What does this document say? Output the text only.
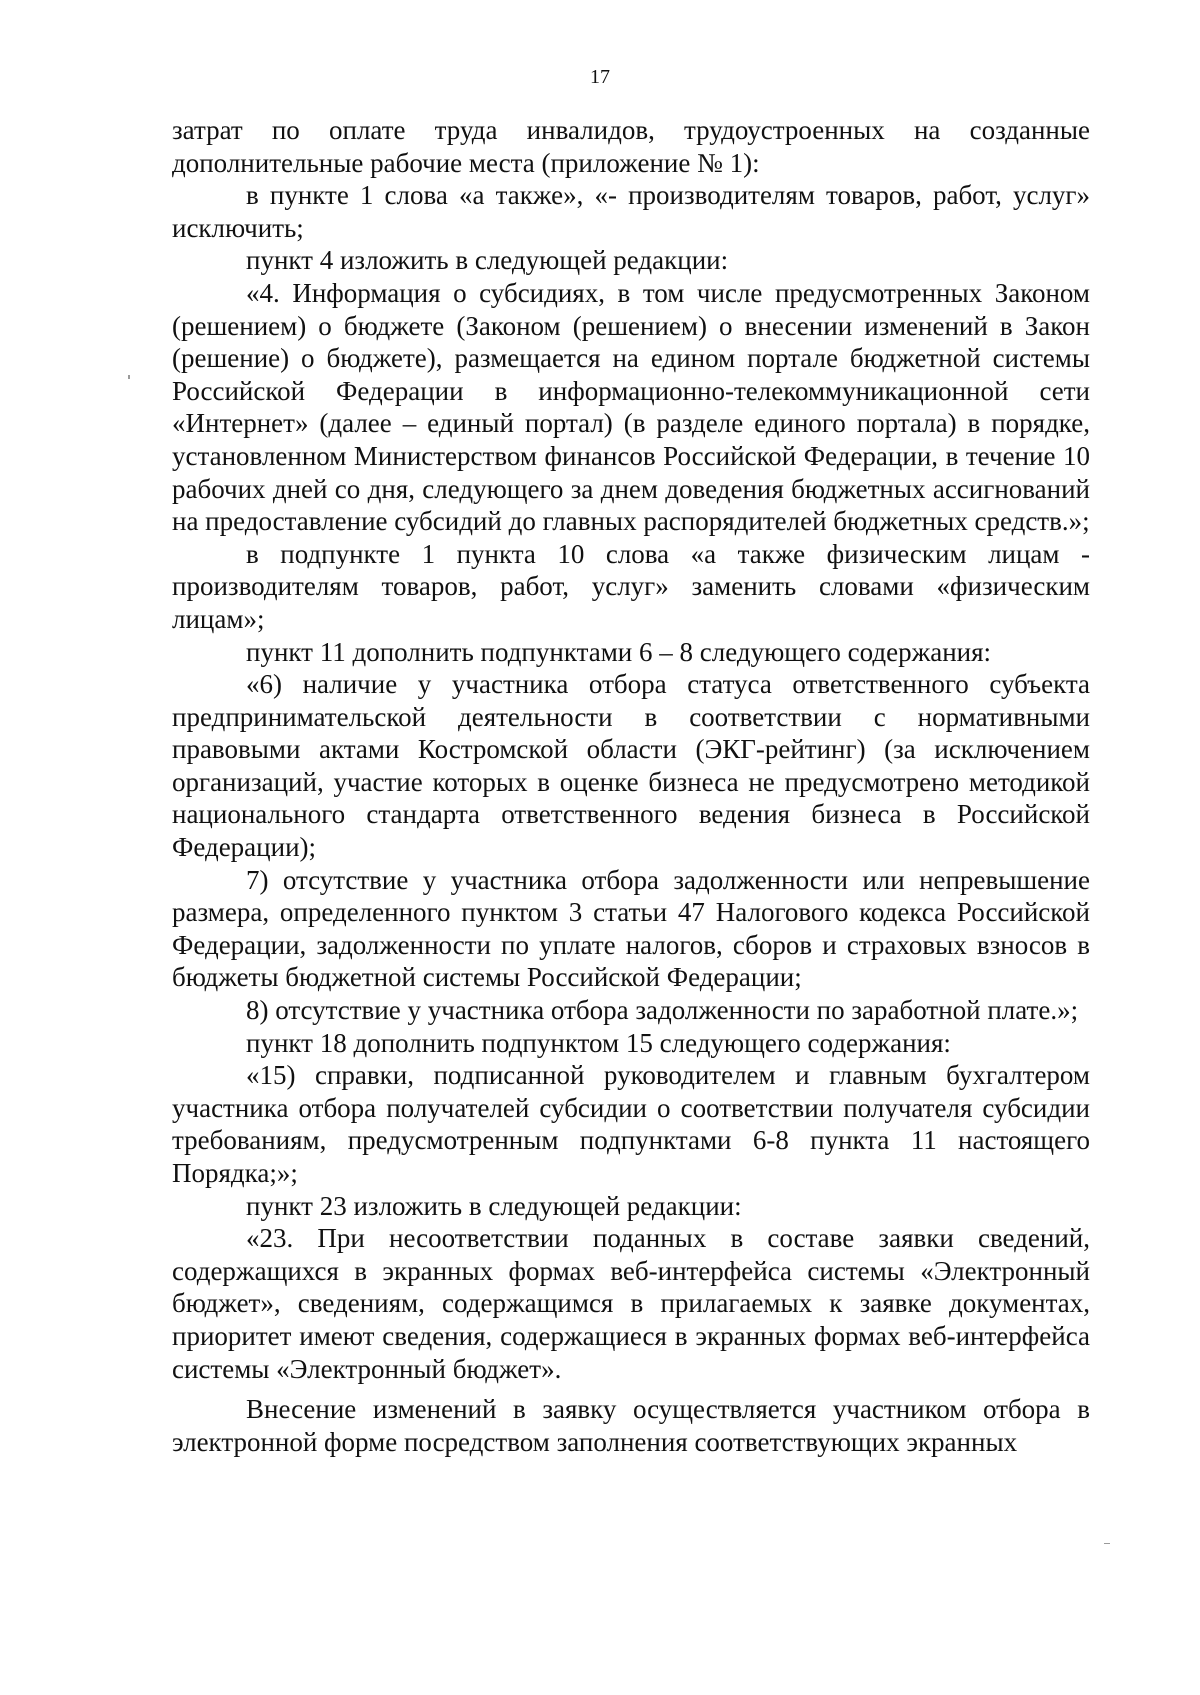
17

затрат по оплате труда инвалидов, трудоустроенных на созданные дополнительные рабочие места (приложение № 1):

в пункте 1 слова «а также», «- производителям товаров, работ, услуг» исключить;

пункт 4 изложить в следующей редакции:

«4. Информация о субсидиях, в том числе предусмотренных Законом (решением) о бюджете (Законом (решением) о внесении изменений в Закон (решение) о бюджете), размещается на едином портале бюджетной системы Российской Федерации в информационно-телекоммуникационной сети «Интернет» (далее – единый портал) (в разделе единого портала) в порядке, установленном Министерством финансов Российской Федерации, в течение 10 рабочих дней со дня, следующего за днем доведения бюджетных ассигнований на предоставление субсидий до главных распорядителей бюджетных средств.»;

в подпункте 1 пункта 10 слова «а также физическим лицам - производителям товаров, работ, услуг» заменить словами «физическим лицам»;

пункт 11 дополнить подпунктами 6 – 8 следующего содержания:

«6) наличие у участника отбора статуса ответственного субъекта предпринимательской деятельности в соответствии с нормативными правовыми актами Костромской области (ЭКГ-рейтинг) (за исключением организаций, участие которых в оценке бизнеса не предусмотрено методикой национального стандарта ответственного ведения бизнеса в Российской Федерации);

7) отсутствие у участника отбора задолженности или непревышение размера, определенного пунктом 3 статьи 47 Налогового кодекса Российской Федерации, задолженности по уплате налогов, сборов и страховых взносов в бюджеты бюджетной системы Российской Федерации;

8) отсутствие у участника отбора задолженности по заработной плате.»;

пункт 18 дополнить подпунктом 15 следующего содержания:

«15) справки, подписанной руководителем и главным бухгалтером участника отбора получателей субсидии о соответствии получателя субсидии требованиям, предусмотренным подпунктами 6-8 пункта 11 настоящего Порядка;»;

пункт 23 изложить в следующей редакции:

«23. При несоответствии поданных в составе заявки сведений, содержащихся в экранных формах веб-интерфейса системы «Электронный бюджет», сведениям, содержащимся в прилагаемых к заявке документах, приоритет имеют сведения, содержащиеся в экранных формах веб-интерфейса системы «Электронный бюджет».

Внесение изменений в заявку осуществляется участником отбора в электронной форме посредством заполнения соответствующих экранных
